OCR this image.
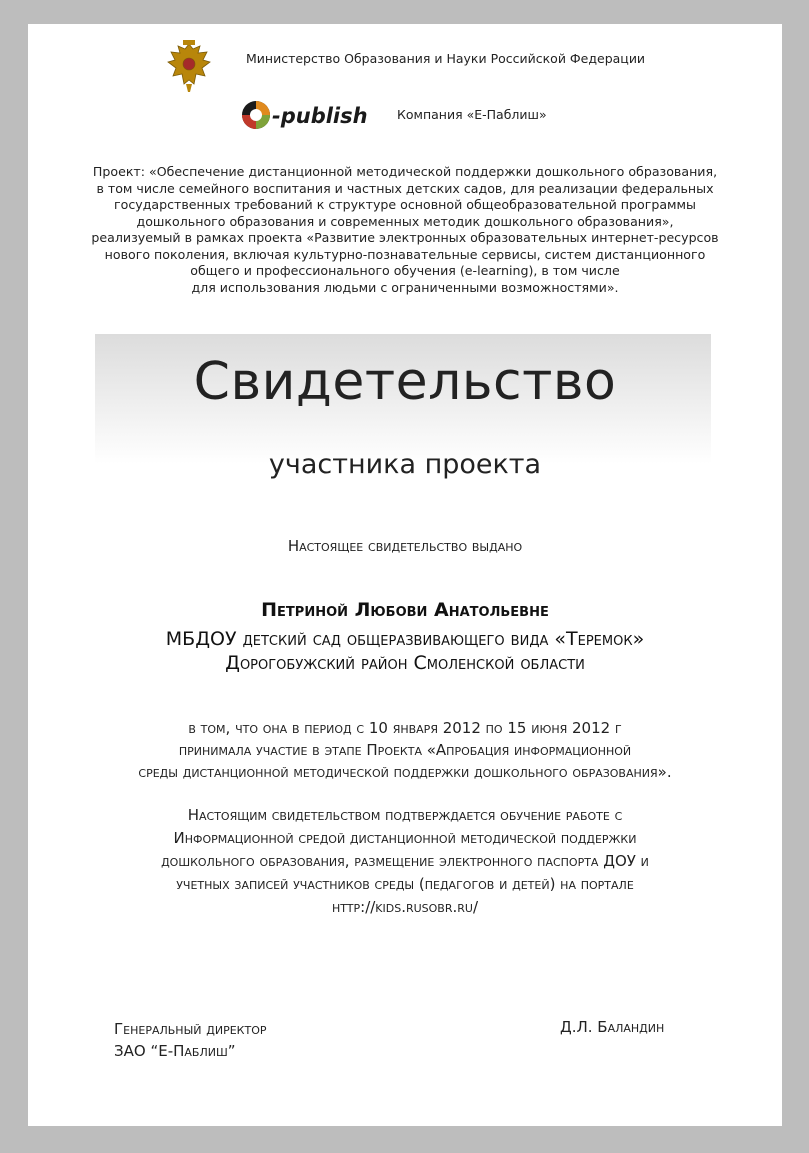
Министерство Образования и Науки Российской Федерации
-publish Компания «Е-Паблиш»
Проект: «Обеспечение дистанционной методической поддержки дошкольного образования,
в том числе семейного воспитания и частных детских садов, для реализации федеральных
государственных требований к структуре основной общеобразовательной программы
дошкольного образования и современных методик дошкольного образования»,
реализуемый в рамках проекта «Развитие электронных образовательных интернет-ресурсов
нового поколения, включая культурно-познавательные сервисы, систем дистанционного
общего и профессионального обучения (e-learning), в том числе
для использования людьми с ограниченными возможностями».
Свидетельство
участника проекта
Настоящее свидетельство выдано
Петриной Любови Анатольевне
МБДОУ детский сад общеразвивающего вида «Теремок»
Дорогобужский район Смоленской области
в том, что она в период с 10 января 2012 по 15 июня 2012 г
принимала участие в этапе Проекта «Апробация информационной
среды дистанционной методической поддержки дошкольного образования».
Настоящим свидетельством подтверждается обучение работе с
Информационной средой дистанционной методической поддержки
дошкольного образования, размещение электронного паспорта ДОУ и
учетных записей участников среды (педагогов и детей) на портале
http://kids.rusobr.ru/
Генеральный директор
ЗАО “Е-Паблиш”
Д.Л. Баландин
